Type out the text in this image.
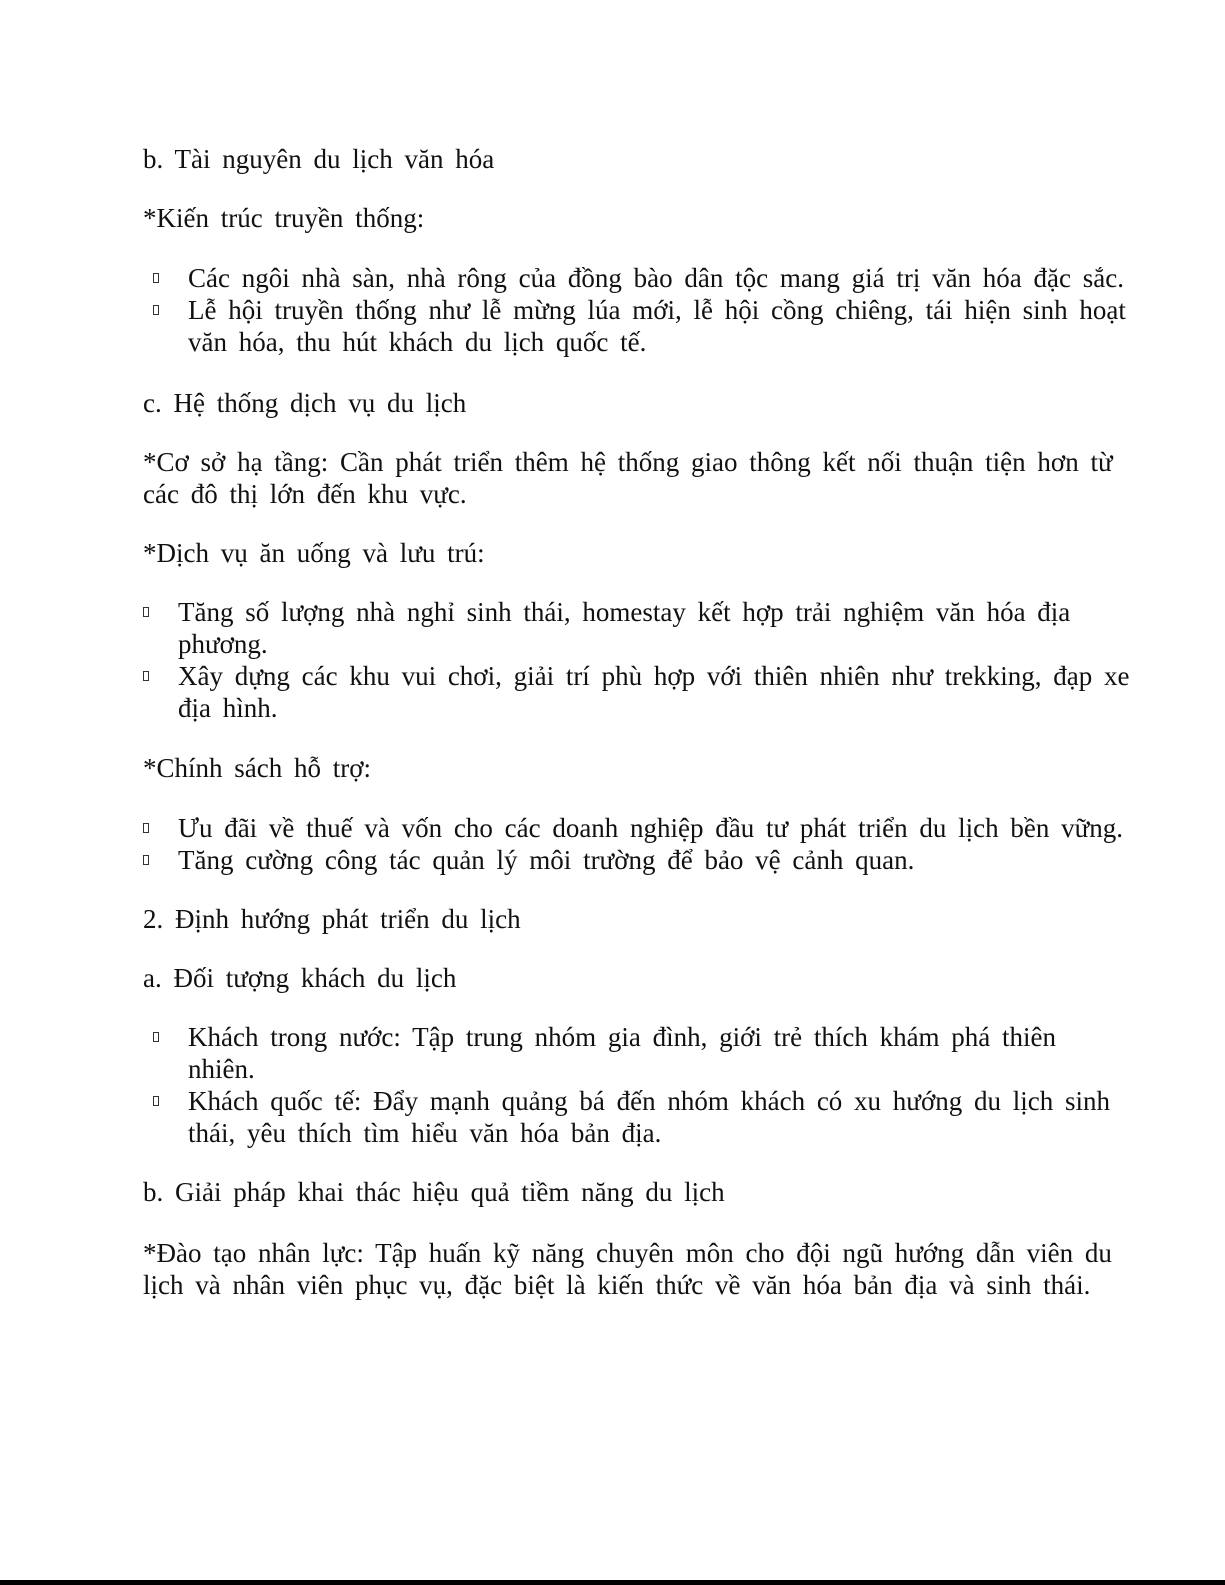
b. Tài nguyên du lịch văn hóa

*Kiến trúc truyền thống:

Các ngôi nhà sàn, nhà rông của đồng bào dân tộc mang giá trị văn hóa đặc sắc.
Lễ hội truyền thống như lễ mừng lúa mới, lễ hội cồng chiêng, tái hiện sinh hoạt văn hóa, thu hút khách du lịch quốc tế.

c. Hệ thống dịch vụ du lịch

*Cơ sở hạ tầng: Cần phát triển thêm hệ thống giao thông kết nối thuận tiện hơn từ các đô thị lớn đến khu vực.

*Dịch vụ ăn uống và lưu trú:

Tăng số lượng nhà nghỉ sinh thái, homestay kết hợp trải nghiệm văn hóa địa phương.
Xây dựng các khu vui chơi, giải trí phù hợp với thiên nhiên như trekking, đạp xe địa hình.

*Chính sách hỗ trợ:

Ưu đãi về thuế và vốn cho các doanh nghiệp đầu tư phát triển du lịch bền vững.
Tăng cường công tác quản lý môi trường để bảo vệ cảnh quan.

2. Định hướng phát triển du lịch

a. Đối tượng khách du lịch

Khách trong nước: Tập trung nhóm gia đình, giới trẻ thích khám phá thiên nhiên.
Khách quốc tế: Đẩy mạnh quảng bá đến nhóm khách có xu hướng du lịch sinh thái, yêu thích tìm hiểu văn hóa bản địa.

b. Giải pháp khai thác hiệu quả tiềm năng du lịch

*Đào tạo nhân lực: Tập huấn kỹ năng chuyên môn cho đội ngũ hướng dẫn viên du lịch và nhân viên phục vụ, đặc biệt là kiến thức về văn hóa bản địa và sinh thái.
